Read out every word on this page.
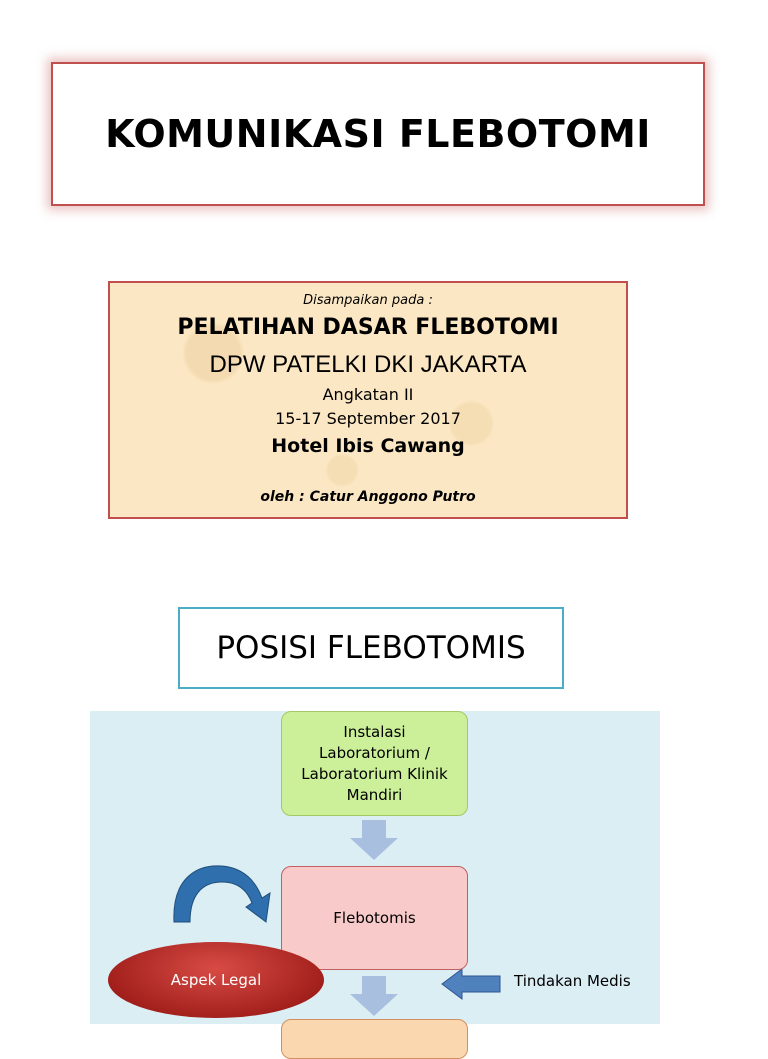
KOMUNIKASI FLEBOTOMI
Disampaikan pada :
PELATIHAN DASAR FLEBOTOMI
DPW PATELKI DKI JAKARTA
Angkatan II
15-17 September 2017
Hotel Ibis Cawang
oleh : Catur Anggono Putro
POSISI FLEBOTOMIS
Instalasi Laboratorium / Laboratorium Klinik Mandiri
Flebotomis
Aspek Legal	Tindakan Medis
